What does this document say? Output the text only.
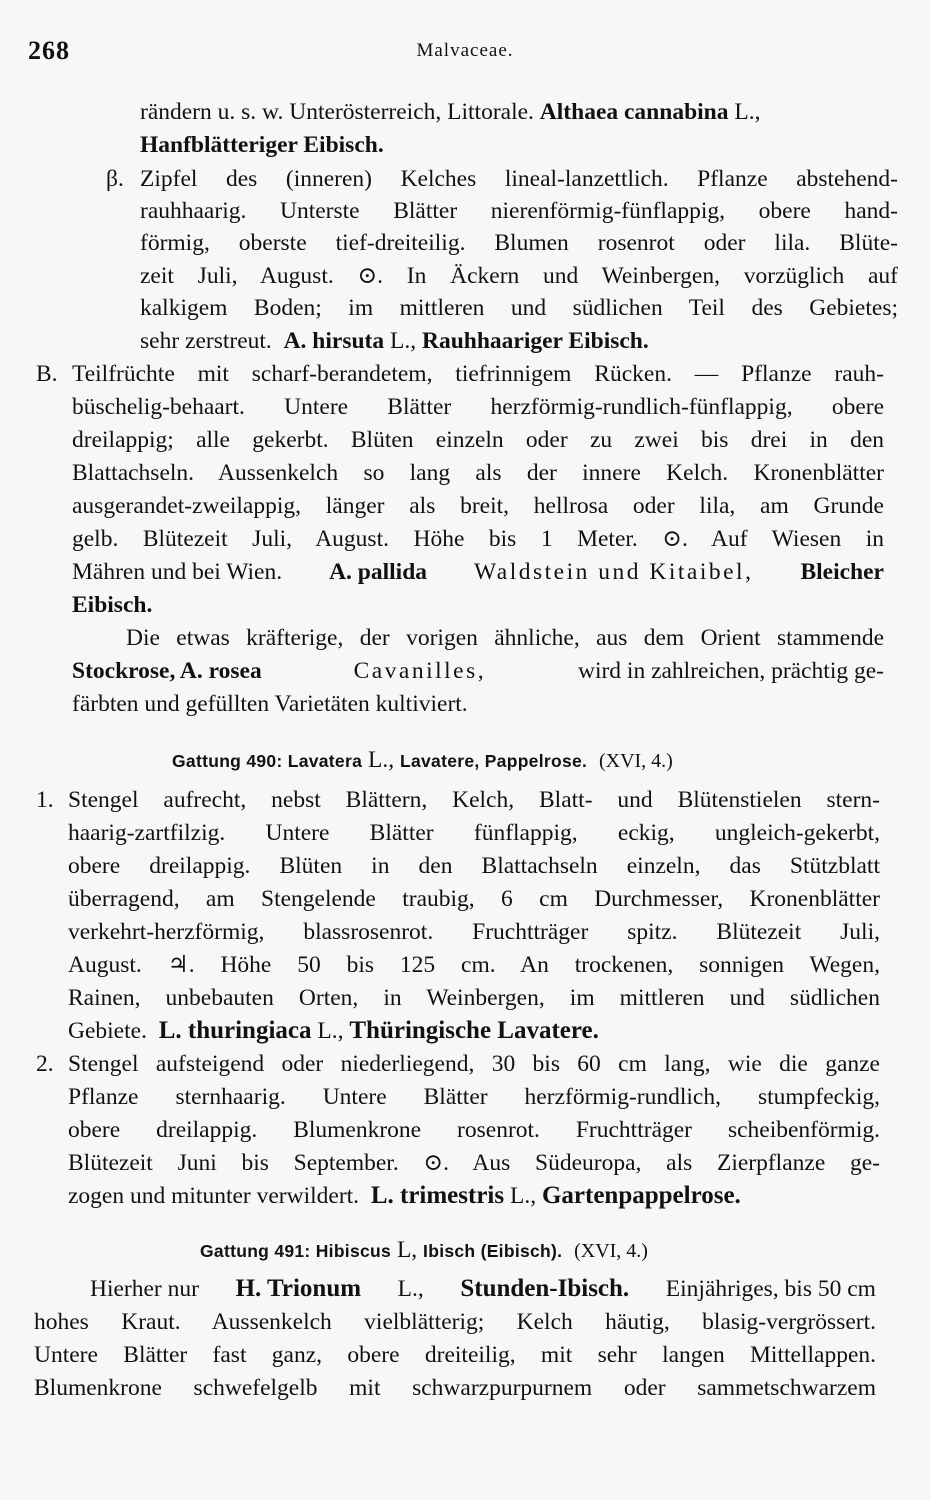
268	Malvaceae.
rändern u. s. w. Unterösterreich, Littorale. Althaea cannabina L.,
Hanfblätteriger Eibisch.
β. Zipfel des (inneren) Kelches lineal-lanzettlich. Pflanze abstehend-
rauhhaarig. Unterste Blätter nierenförmig-fünflappig, obere hand-
förmig, oberste tief-dreiteilig. Blumen rosenrot oder lila. Blüte-
zeit Juli, August. ⊙. In Äckern und Weinbergen, vorzüglich auf
kalkigem Boden; im mittleren und südlichen Teil des Gebietes;
sehr zerstreut. A. hirsuta L., Rauhhaariger Eibisch.
B. Teilfrüchte mit scharf-berandetem, tiefrinnigem Rücken. — Pflanze rauh-
büschelig-behaart. Untere Blätter herzförmig-rundlich-fünflappig, obere
dreilappig; alle gekerbt. Blüten einzeln oder zu zwei bis drei in den
Blattachseln. Aussenkelch so lang als der innere Kelch. Kronenblätter
ausgerandet-zweilappig, länger als breit, hellrosa oder lila, am Grunde
gelb. Blütezeit Juli, August. Höhe bis 1 Meter. ⊙. Auf Wiesen in
Mähren und bei Wien. A. pallida Waldstein und Kitaibel, Bleicher
Eibisch.
Die etwas kräfterige, der vorigen ähnliche, aus dem Orient stammende
Stockrose, A. rosea	Cavanilles,	wird in zahlreichen, prächtig ge-
färbten und gefüllten Varietäten kultiviert.
Gattung 490: Lavatera L., Lavatere, Pappelrose. (XVI, 4.)
1. Stengel aufrecht, nebst Blättern, Kelch, Blatt- und Blütenstielen stern-
haarig-zartfilzig. Untere Blätter fünflappig, eckig, ungleich-gekerbt,
obere dreilappig. Blüten in den Blattachseln einzeln, das Stützblatt
überragend, am Stengelende traubig, 6 cm Durchmesser, Kronenblätter
verkehrt-herzförmig, blassrosenrot. Fruchtträger spitz. Blütezeit Juli,
August. ♃. Höhe 50 bis 125 cm. An trockenen, sonnigen Wegen,
Rainen, unbebauten Orten, in Weinbergen, im mittleren und südlichen
Gebiete. L. thuringiaca L., Thüringische Lavatere.
2. Stengel aufsteigend oder niederliegend, 30 bis 60 cm lang, wie die ganze
Pflanze sternhaarig. Untere Blätter herzförmig-rundlich, stumpfeckig,
obere dreilappig. Blumenkrone rosenrot. Fruchtträger scheibenförmig.
Blütezeit Juni bis September. ⊙. Aus Südeuropa, als Zierpflanze ge-
zogen und mitunter verwildert. L. trimestris L., Gartenpappelrose.
Gattung 491: Hibiscus L, Ibisch (Eibisch). (XVI, 4.)
Hierher nur H. Trionum L., Stunden-Ibisch. Einjähriges, bis 50 cm
hohes Kraut. Aussenkelch vielblätterig; Kelch häutig, blasig-vergrössert.
Untere Blätter fast ganz, obere dreiteilig, mit sehr langen Mittellappen.
Blumenkrone schwefelgelb mit schwarzpurpurnem oder sammetschwarzem
